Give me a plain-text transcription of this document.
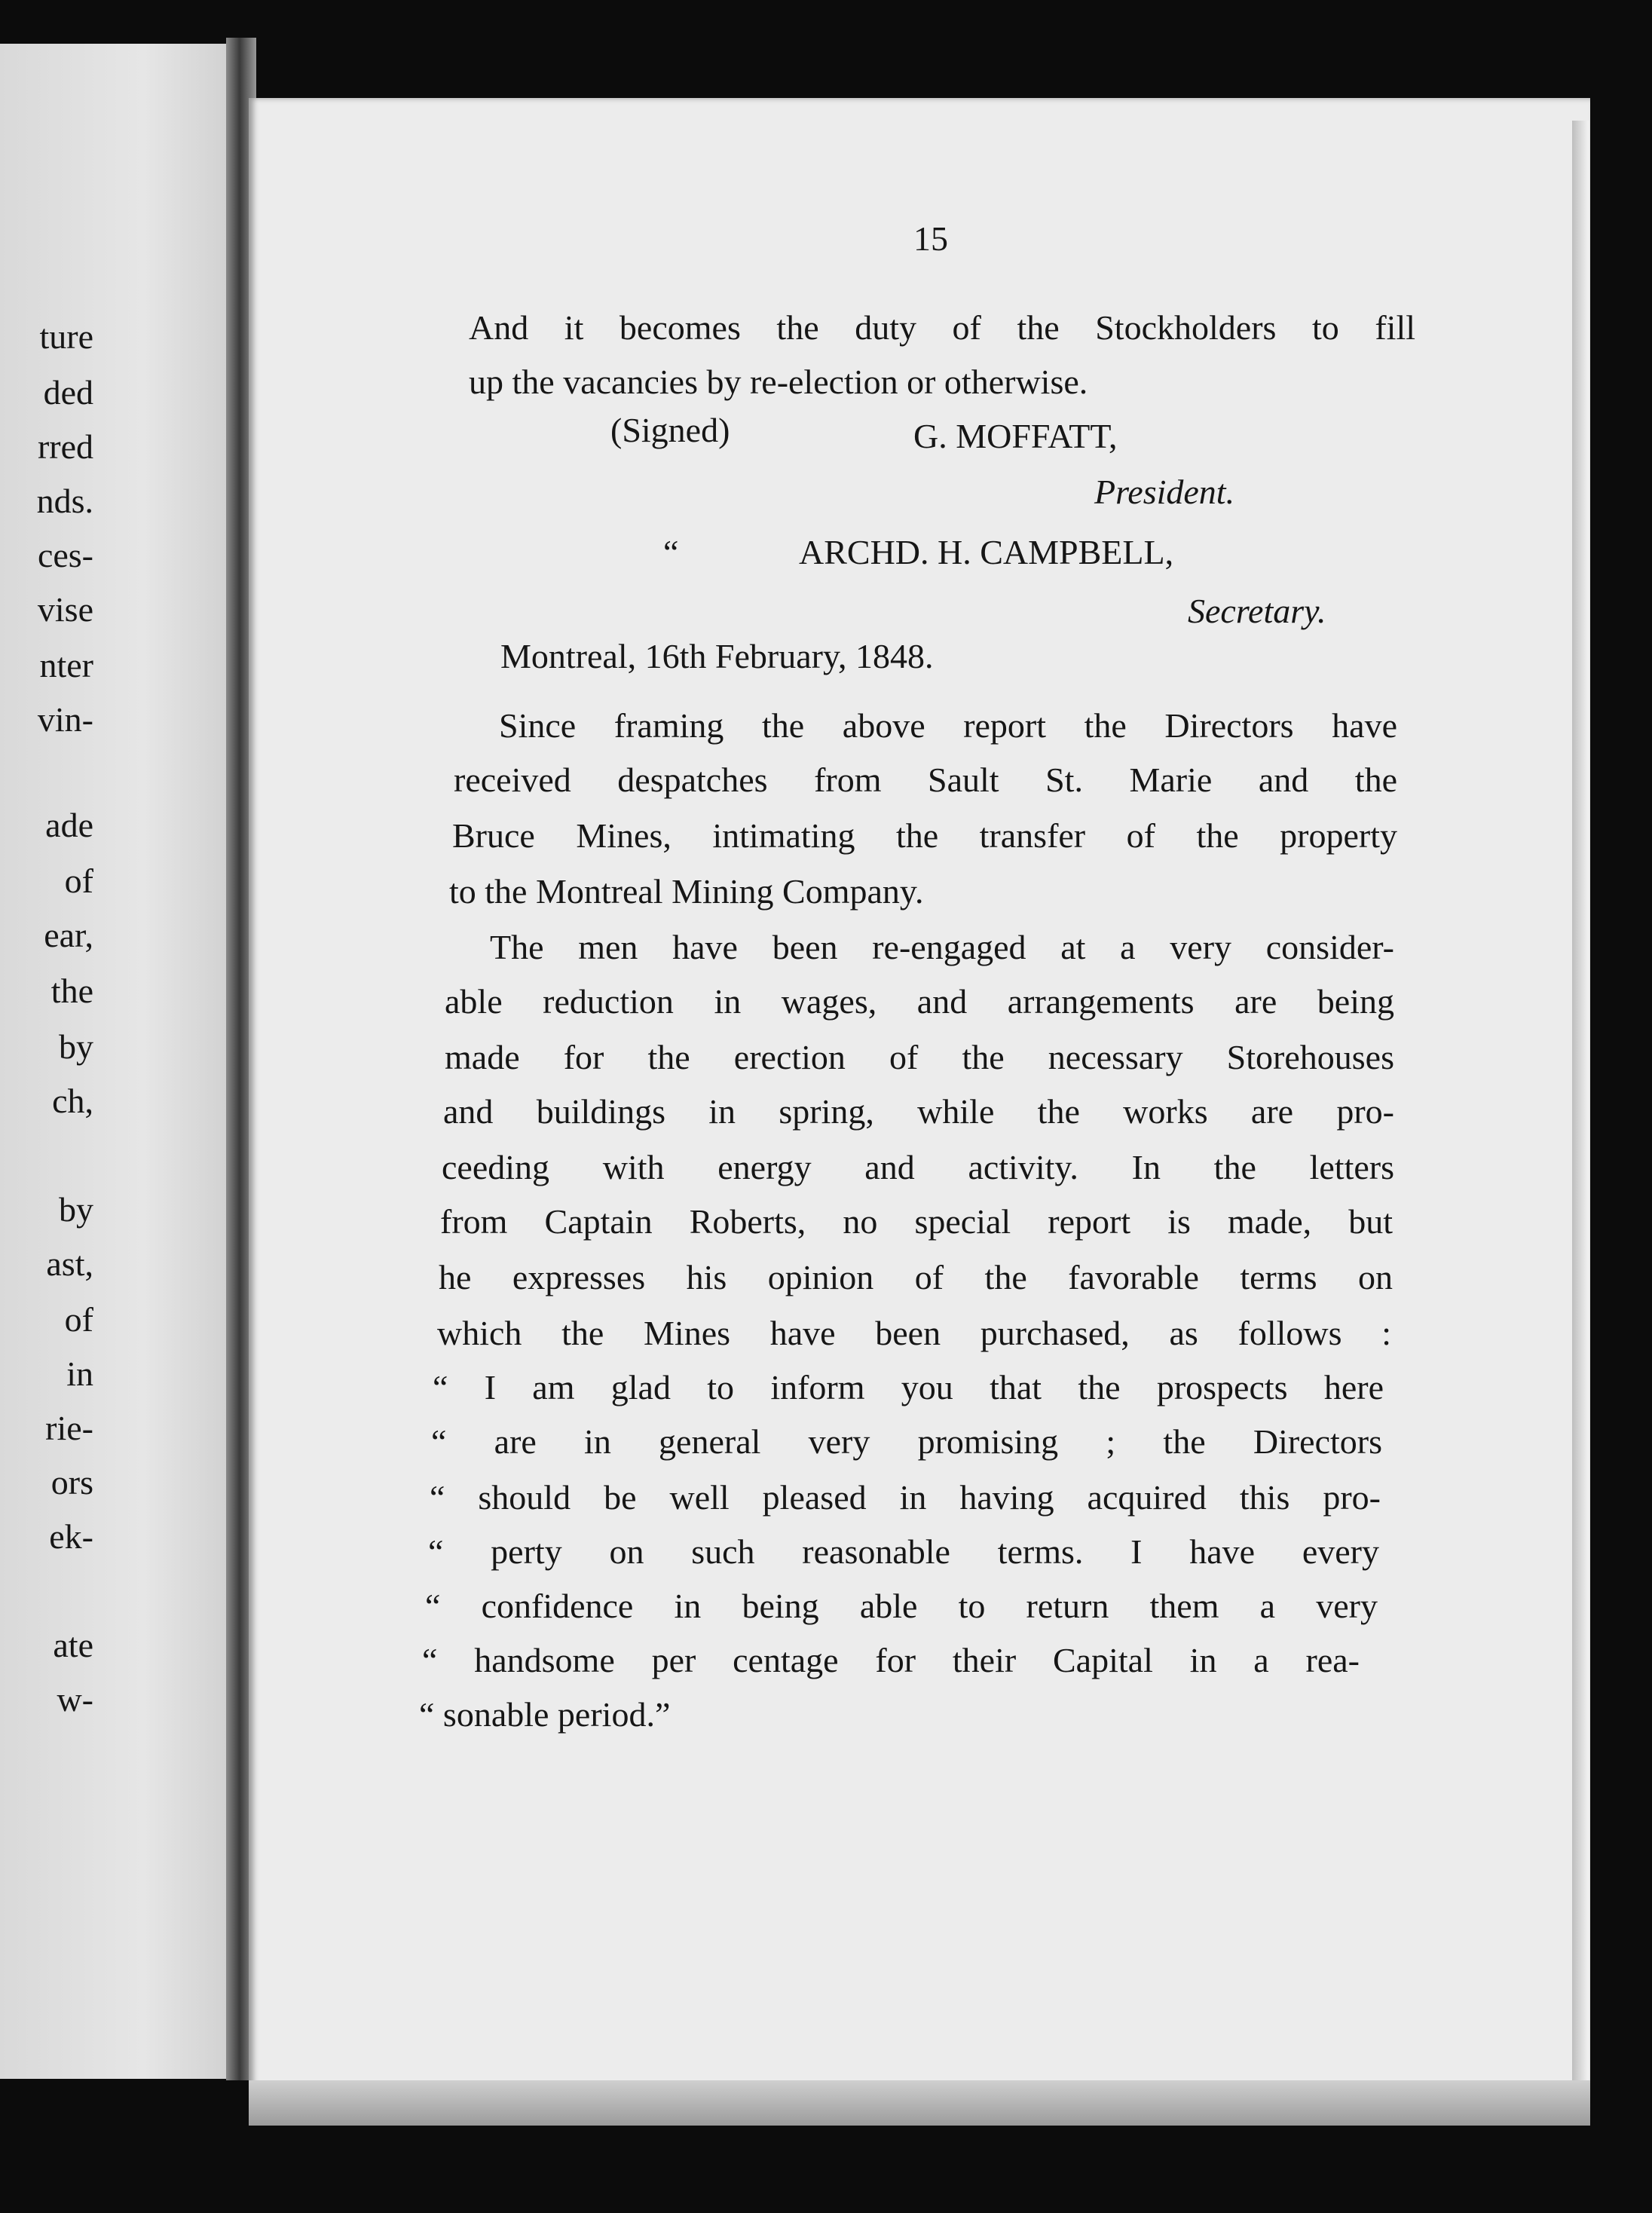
ture
ded
rred
nds.
ces-
vise
nter
vin-
ade
of
ear,
the
by
ch,
by
ast,
of
in
rie-
ors
ek-
ate
w-
15
And it becomes the duty of the Stockholders to fill
up the vacancies by re-election or otherwise.
(Signed)	G. MOFFATT,
President.
“	ARCHD. H. CAMPBELL,
Secretary.
Montreal, 16th February, 1848.
Since framing the above report the Directors have
received despatches from Sault St. Marie and the
Bruce Mines, intimating the transfer of the property
to the Montreal Mining Company.
The men have been re-engaged at a very consider-
able reduction in wages, and arrangements are being
made for the erection of the necessary Storehouses
and buildings in spring, while the works are pro-
ceeding with energy and activity. In the letters
from Captain Roberts, no special report is made, but
he expresses his opinion of the favorable terms on
which the Mines have been purchased, as follows :
“ I am glad to inform you that the prospects here
“ are in general very promising ; the Directors
“ should be well pleased in having acquired this pro-
“ perty on such reasonable terms. I have every
“ confidence in being able to return them a very
“ handsome per centage for their Capital in a rea-
“ sonable period.”
